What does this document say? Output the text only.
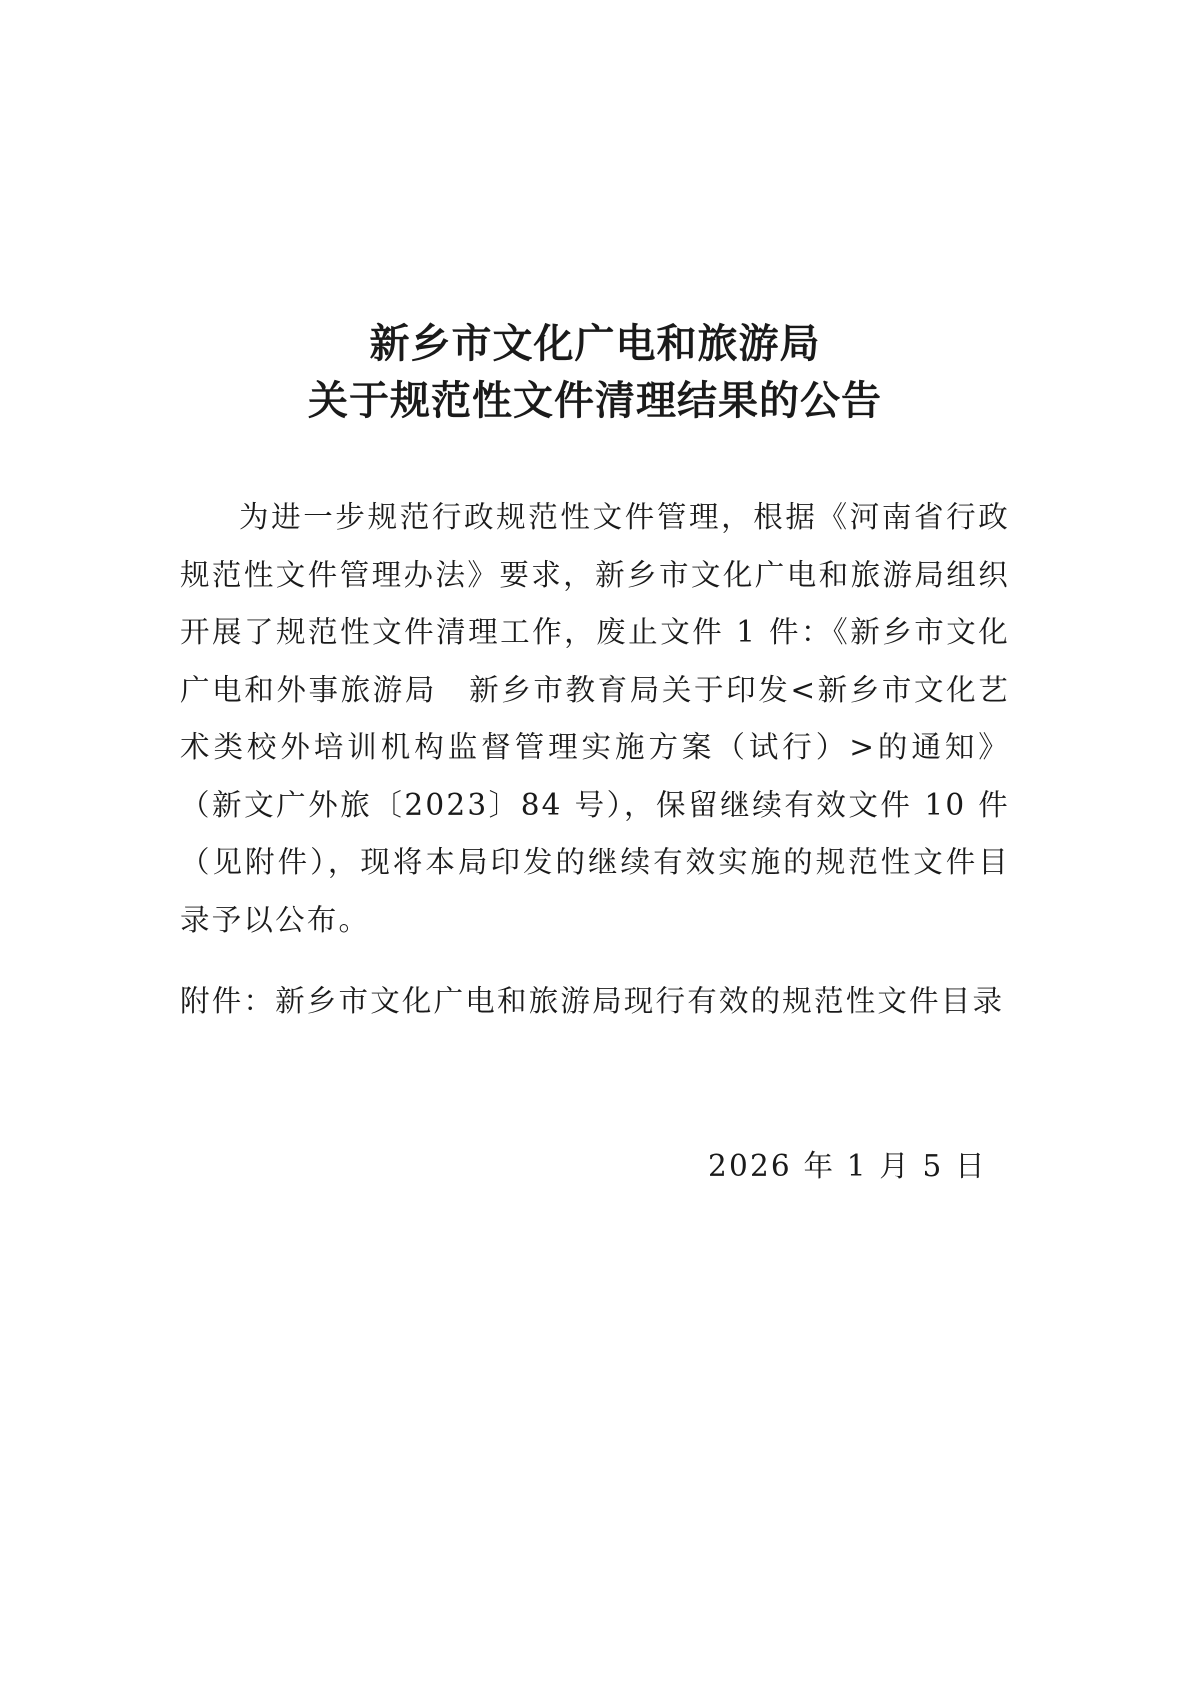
新乡市文化广电和旅游局
关于规范性文件清理结果的公告

为进一步规范行政规范性文件管理，根据《河南省行政规范性文件管理办法》要求，新乡市文化广电和旅游局组织开展了规范性文件清理工作，废止文件 1 件：《新乡市文化广电和外事旅游局　新乡市教育局关于印发<新乡市文化艺术类校外培训机构监督管理实施方案（试行）>的通知》（新文广外旅〔2023〕84 号），保留继续有效文件 10 件（见附件），现将本局印发的继续有效实施的规范性文件目录予以公布。

附件：新乡市文化广电和旅游局现行有效的规范性文件目录

2026 年 1 月 5 日
